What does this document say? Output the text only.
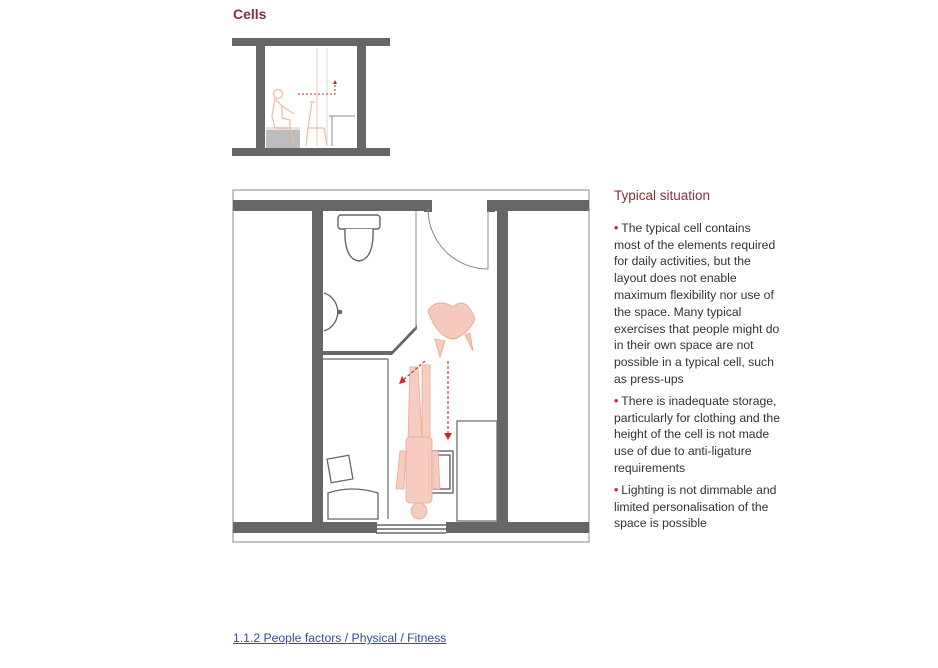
Cells
Typical situation

• The typical cell contains most of the elements required for daily activities, but the layout does not enable maximum flexibility nor use of the space. Many typical exercises that people might do in their own space are not possible in a typical cell, such as press-ups

• There is inadequate storage, particularly for clothing and the height of the cell is not made use of due to anti-ligature requirements

• Lighting is not dimmable and limited personalisation of the space is possible

1.1.2 People factors / Physical / Fitness
